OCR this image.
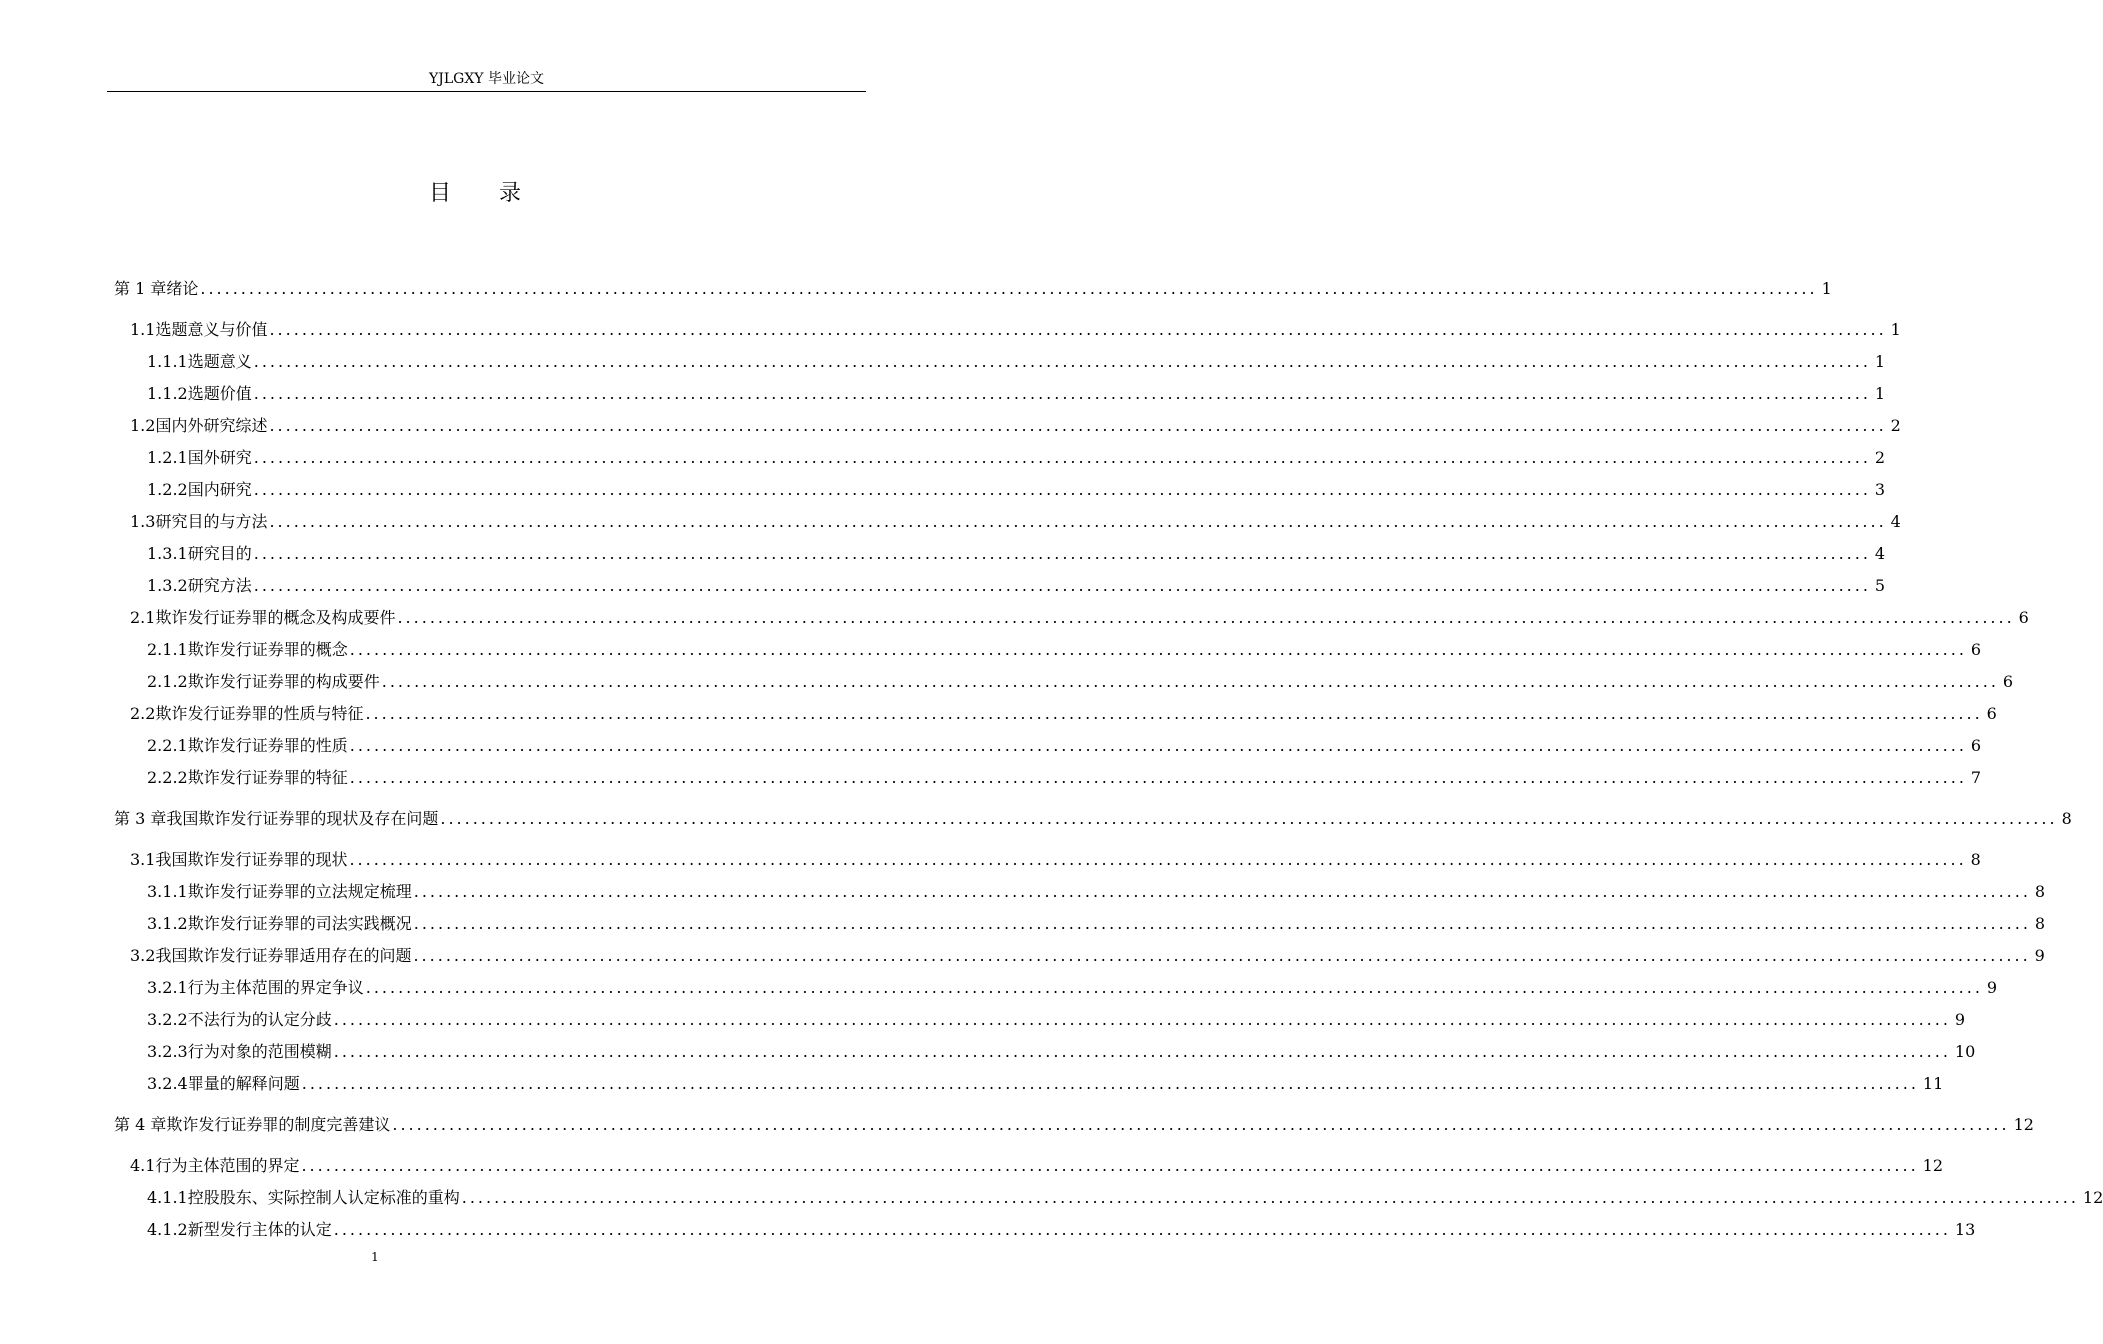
YJLGXY 毕业论文
目录
第 1 章 绪论 ........................................................................................................................................................................................................ 1
1.1 选题意义与价值 ........................................................................................................................................................................................................ 1
1.1.1 选题意义 ........................................................................................................................................................................................................ 1
1.1.2 选题价值 ........................................................................................................................................................................................................ 1
1.2 国内外研究综述 ........................................................................................................................................................................................................ 2
1.2.1 国外研究 ........................................................................................................................................................................................................ 2
1.2.2 国内研究 ........................................................................................................................................................................................................ 3
1.3 研究目的与方法 ........................................................................................................................................................................................................ 4
1.3.1 研究目的 ........................................................................................................................................................................................................ 4
1.3.2 研究方法 ........................................................................................................................................................................................................ 5
2.1 欺诈发行证券罪的概念及构成要件 ........................................................................................................................................................................................................ 6
2.1.1 欺诈发行证券罪的概念 ........................................................................................................................................................................................................ 6
2.1.2 欺诈发行证券罪的构成要件 ........................................................................................................................................................................................................ 6
2.2 欺诈发行证券罪的性质与特征 ........................................................................................................................................................................................................ 6
2.2.1 欺诈发行证券罪的性质 ........................................................................................................................................................................................................ 6
2.2.2 欺诈发行证券罪的特征 ........................................................................................................................................................................................................ 7
第 3 章 我国欺诈发行证券罪的现状及存在问题 ........................................................................................................................................................................................................ 8
3.1 我国欺诈发行证券罪的现状 ........................................................................................................................................................................................................ 8
3.1.1 欺诈发行证券罪的立法规定梳理 ........................................................................................................................................................................................................ 8
3.1.2 欺诈发行证券罪的司法实践概况 ........................................................................................................................................................................................................ 8
3.2 我国欺诈发行证券罪适用存在的问题 ........................................................................................................................................................................................................ 9
3.2.1 行为主体范围的界定争议 ........................................................................................................................................................................................................ 9
3.2.2 不法行为的认定分歧 ........................................................................................................................................................................................................ 9
3.2.3 行为对象的范围模糊 ........................................................................................................................................................................................................ 10
3.2.4 罪量的解释问题 ........................................................................................................................................................................................................ 11
第 4 章 欺诈发行证券罪的制度完善建议 ........................................................................................................................................................................................................ 12
4.1 行为主体范围的界定 ........................................................................................................................................................................................................ 12
4.1.1 控股股东、实际控制人认定标准的重构 ........................................................................................................................................................................................................ 12
4.1.2 新型发行主体的认定 ........................................................................................................................................................................................................ 13
1
